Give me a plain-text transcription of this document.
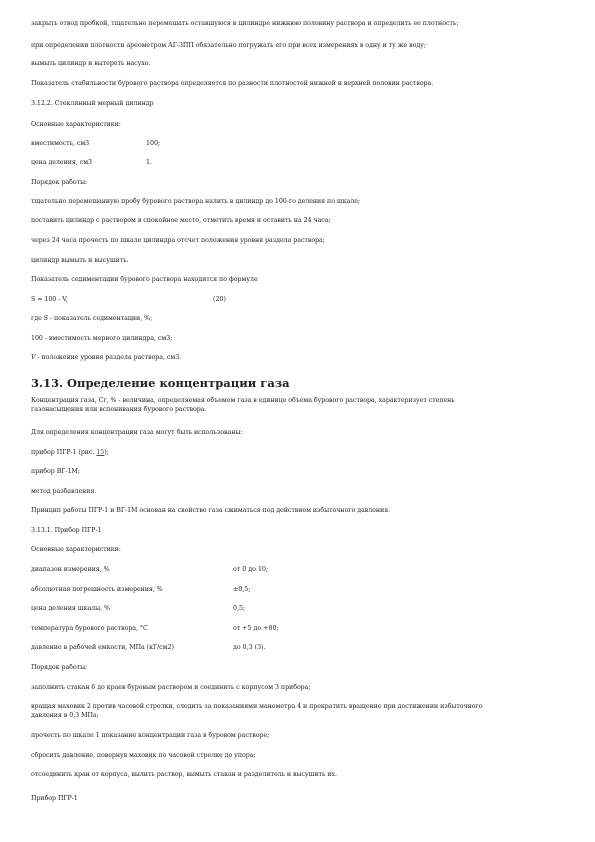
закрыть отвод пробкой, тщательно перемешать оставшуюся в цилиндре нижнюю половину раствора и определить ее плотность;
при определении плотности ареометром АГ-3ПП обязательно погружать его при всех измерениях в одну и ту же воду;
вымыть цилиндр и вытереть насухо.
Показатель стабильности бурового раствора определяется по разности плотностей нижней и верхней половин раствора.
3.12.2. Стеклянный мерный цилиндр
Основные характеристики:
вместимость, см3	100;
цена деления, см3	1.
Порядок работы:
тщательно перемешанную пробу бурового раствора налить в цилиндр до 100-го деления по шкале;
поставить цилиндр с раствором в спокойное место, отметить время и оставить на 24 часа;
через 24 часа прочесть по шкале цилиндра отсчет положения уровня раздела раствора;
цилиндр вымыть и высушить.
Показатель седиментации бурового раствора находится по формуле
S = 100 - V,	(20)
где S - показатель седиментации, %;
100 - вместимость мерного цилиндра, см3;
V - положение уровня раздела раствора, см3.
3.13. Определение концентрации газа
Концентрация газа, Сг, % - величина, определяемая объемом газа в единице объема бурового раствора, характеризует степень
газонасыщения или вспенивания бурового раствора.
Для определения концентрации газа могут быть использованы:
прибор ПГР-1 (рис. 15);
прибор ВГ-1М;
метод разбавления.
Принцип работы ПГР-1 и ВГ-1М основан на свойстве газа сжиматься под действием избыточного давления.
3.13.1. Прибор ПГР-1
Основные характеристики:
диапазон измерения, %	от 0 до 10;
абсолютная погрешность измерения, %	±0,5;
цена деления шкалы, %	0,5;
температура бурового раствора, °С	от +5 до +80;
давление в рабочей емкости, МПа (кГ/см2)	до 0,3 (3).
Порядок работы:
заполнить стакан 6 до краев буровым раствором и соединить с корпусом 3 прибора;
вращая маховик 2 против часовой стрелки, следить за показаниями манометра 4 и прекратить вращение при достижении избыточного
давления в 0,3 МПа;
прочесть по шкале 1 показание концентрации газа в буровом растворе;
сбросить давление, повернув маховик по часовой стрелке до упора;
отсоединить кран от корпуса, вылить раствор, вымыть стакан и разделитель и высушить их.
Прибор ПГР-1
